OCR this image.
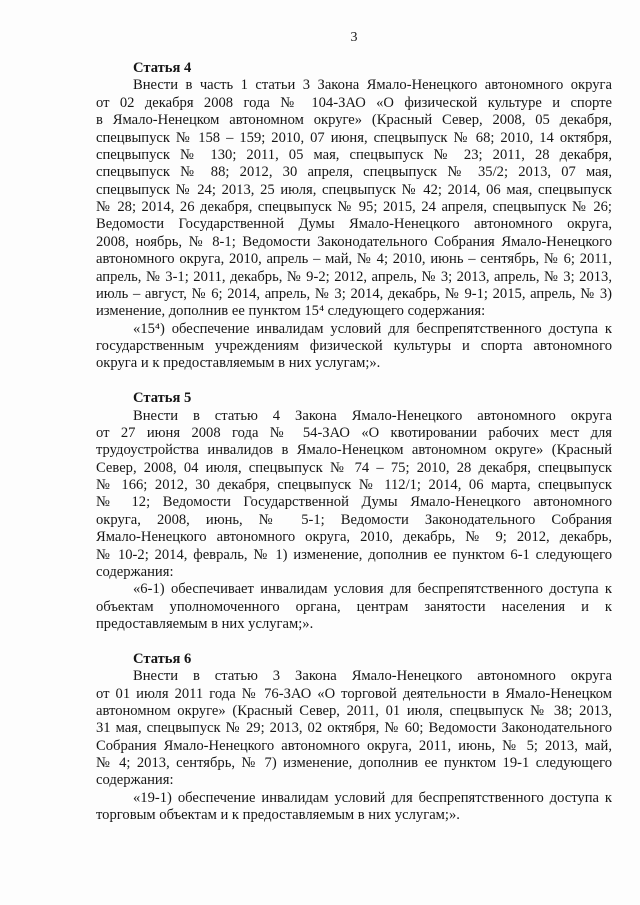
3
Статья 4
Внести в часть 1 статьи 3 Закона Ямало-Ненецкого автономного округа
от 02 декабря 2008 года № 104-ЗАО «О физической культуре и спорте
в Ямало-Ненецком автономном округе» (Красный Север, 2008, 05 декабря,
спецвыпуск № 158 – 159; 2010, 07 июня, спецвыпуск № 68; 2010, 14 октября,
спецвыпуск № 130; 2011, 05 мая, спецвыпуск № 23; 2011, 28 декабря,
спецвыпуск № 88; 2012, 30 апреля, спецвыпуск № 35/2; 2013, 07 мая,
спецвыпуск № 24; 2013, 25 июля, спецвыпуск № 42; 2014, 06 мая, спецвыпуск
№ 28; 2014, 26 декабря, спецвыпуск № 95; 2015, 24 апреля, спецвыпуск № 26;
Ведомости Государственной Думы Ямало-Ненецкого автономного округа,
2008, ноябрь, № 8-1; Ведомости Законодательного Собрания Ямало-Ненецкого
автономного округа, 2010, апрель – май, № 4; 2010, июнь – сентябрь, № 6; 2011,
апрель, № 3-1; 2011, декабрь, № 9-2; 2012, апрель, № 3; 2013, апрель, № 3; 2013,
июль – август, № 6; 2014, апрель, № 3; 2014, декабрь, № 9-1; 2015, апрель, № 3)
изменение, дополнив ее пунктом 15⁴ следующего содержания:
«15⁴) обеспечение инвалидам условий для беспрепятственного доступа к
государственным учреждениям физической культуры и спорта автономного
округа и к предоставляемым в них услугам;».
Статья 5
Внести в статью 4 Закона Ямало-Ненецкого автономного округа
от 27 июня 2008 года № 54-ЗАО «О квотировании рабочих мест для
трудоустройства инвалидов в Ямало-Ненецком автономном округе» (Красный
Север, 2008, 04 июля, спецвыпуск № 74 – 75; 2010, 28 декабря, спецвыпуск
№ 166; 2012, 30 декабря, спецвыпуск № 112/1; 2014, 06 марта, спецвыпуск
№ 12; Ведомости Государственной Думы Ямало-Ненецкого автономного
округа, 2008, июнь, № 5-1; Ведомости Законодательного Собрания
Ямало-Ненецкого автономного округа, 2010, декабрь, № 9; 2012, декабрь,
№ 10-2; 2014, февраль, № 1) изменение, дополнив ее пунктом 6-1 следующего
содержания:
«6-1) обеспечивает инвалидам условия для беспрепятственного доступа к
объектам уполномоченного органа, центрам занятости населения и к
предоставляемым в них услугам;».
Статья 6
Внести в статью 3 Закона Ямало-Ненецкого автономного округа
от 01 июля 2011 года № 76-ЗАО «О торговой деятельности в Ямало-Ненецком
автономном округе» (Красный Север, 2011, 01 июля, спецвыпуск № 38; 2013,
31 мая, спецвыпуск № 29; 2013, 02 октября, № 60; Ведомости Законодательного
Собрания Ямало-Ненецкого автономного округа, 2011, июнь, № 5; 2013, май,
№ 4; 2013, сентябрь, № 7) изменение, дополнив ее пунктом 19-1 следующего
содержания:
«19-1) обеспечение инвалидам условий для беспрепятственного доступа к
торговым объектам и к предоставляемым в них услугам;».
